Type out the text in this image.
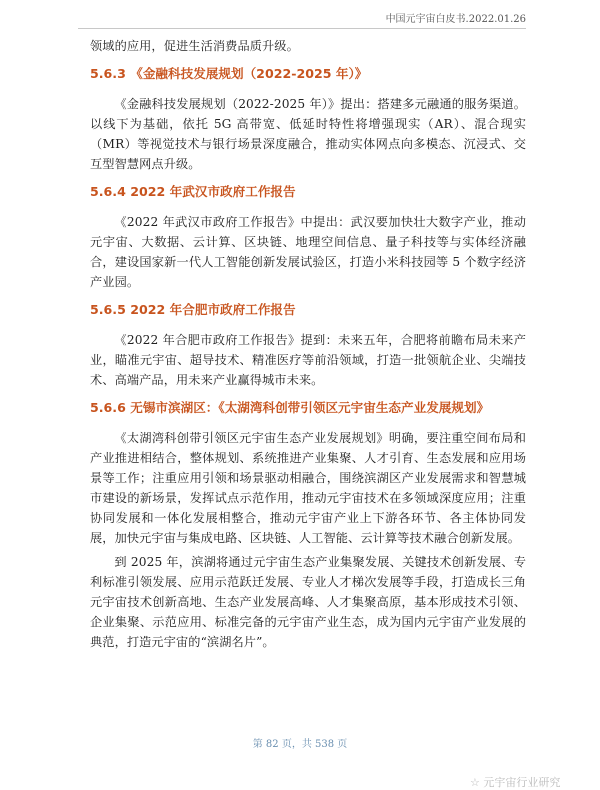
中国元宇宙白皮书.2022.01.26

领域的应用，促进生活消费品质升级。

5.6.3 《金融科技发展规划（2022-2025 年）》

《金融科技发展规划（2022-2025 年）》提出：搭建多元融通的服务渠道。以线下为基础，依托 5G 高带宽、低延时特性将增强现实（AR）、混合现实（MR）等视觉技术与银行场景深度融合，推动实体网点向多模态、沉浸式、交互型智慧网点升级。

5.6.4 2022 年武汉市政府工作报告

《2022 年武汉市政府工作报告》中提出：武汉要加快壮大数字产业，推动元宇宙、大数据、云计算、区块链、地理空间信息、量子科技等与实体经济融合，建设国家新一代人工智能创新发展试验区，打造小米科技园等 5 个数字经济产业园。

5.6.5 2022 年合肥市政府工作报告

《2022 年合肥市政府工作报告》提到：未来五年，合肥将前瞻布局未来产业，瞄准元宇宙、超导技术、精准医疗等前沿领域，打造一批领航企业、尖端技术、高端产品，用未来产业赢得城市未来。

5.6.6 无锡市滨湖区：《太湖湾科创带引领区元宇宙生态产业发展规划》

《太湖湾科创带引领区元宇宙生态产业发展规划》明确，要注重空间布局和产业推进相结合，整体规划、系统推进产业集聚、人才引育、生态发展和应用场景等工作；注重应用引领和场景驱动相融合，围绕滨湖区产业发展需求和智慧城市建设的新场景，发挥试点示范作用，推动元宇宙技术在多领域深度应用；注重协同发展和一体化发展相整合，推动元宇宙产业上下游各环节、各主体协同发展，加快元宇宙与集成电路、区块链、人工智能、云计算等技术融合创新发展。

到 2025 年，滨湖将通过元宇宙生态产业集聚发展、关键技术创新发展、专利标准引领发展、应用示范跃迁发展、专业人才梯次发展等手段，打造成长三角元宇宙技术创新高地、生态产业发展高峰、人才集聚高原，基本形成技术引领、企业集聚、示范应用、标准完备的元宇宙产业生态，成为国内元宇宙产业发展的典范，打造元宇宙的“滨湖名片”。

第 82 页，共 538 页
☆ 元宇宙行业研究
